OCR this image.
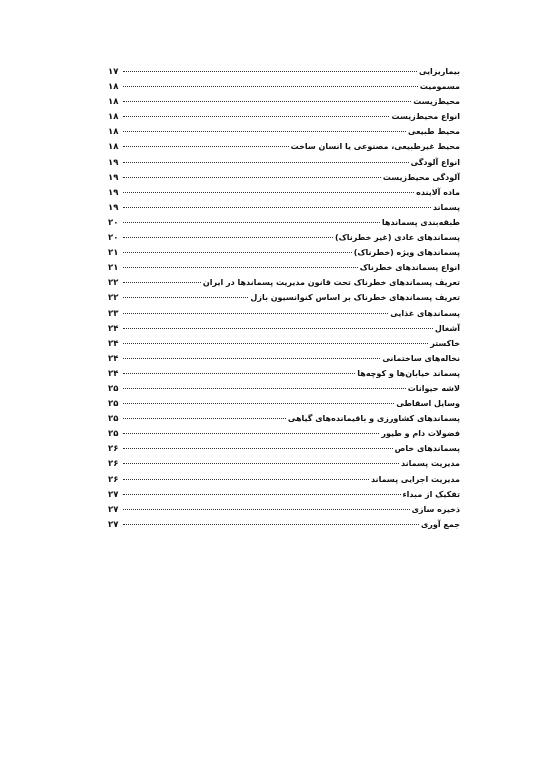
بیماریزایی
۱۷
مسمومیت
۱۸
محیط‌زیست
۱۸
انواع محیط‌زیست
۱۸
محیط طبیعی
۱۸
محیط غیرطبیعی، مصنوعی یا انسان ساخت
۱۸
انواع آلودگی
۱۹
آلودگی محیط‌زیست
۱۹
ماده آلاینده
۱۹
پسماند
۱۹
طبقه‌بندی پسماندها
۲۰
پسماندهای عادی (غیر خطرناک)
۲۰
پسماندهای ویژه (خطرناک)
۲۱
انواع پسماندهای خطرناک
۲۱
تعریف پسماندهای خطرناک تحت قانون مدیریت پسماندها در ایران
۲۲
تعریف پسماندهای خطرناک بر اساس کنوانسیون بازل
۲۲
پسماندهای غذایی
۲۳
آشغال
۲۴
خاکستر
۲۴
نخاله‌های ساختمانی
۲۴
پسماند خیابان‌ها و کوچه‌ها
۲۴
لاشه حیوانات
۲۵
وسایل اسقاطی
۲۵
پسماندهای کشاورزی و باقیمانده‌های گیاهی
۲۵
فضولات دام و طیور
۲۵
پسماندهای خاص
۲۶
مدیریت پسماند
۲۶
مدیریت اجرایی پسماند
۲۶
تفکیک از مبداء
۲۷
ذخیره سازی
۲۷
جمع آوری
۲۷
